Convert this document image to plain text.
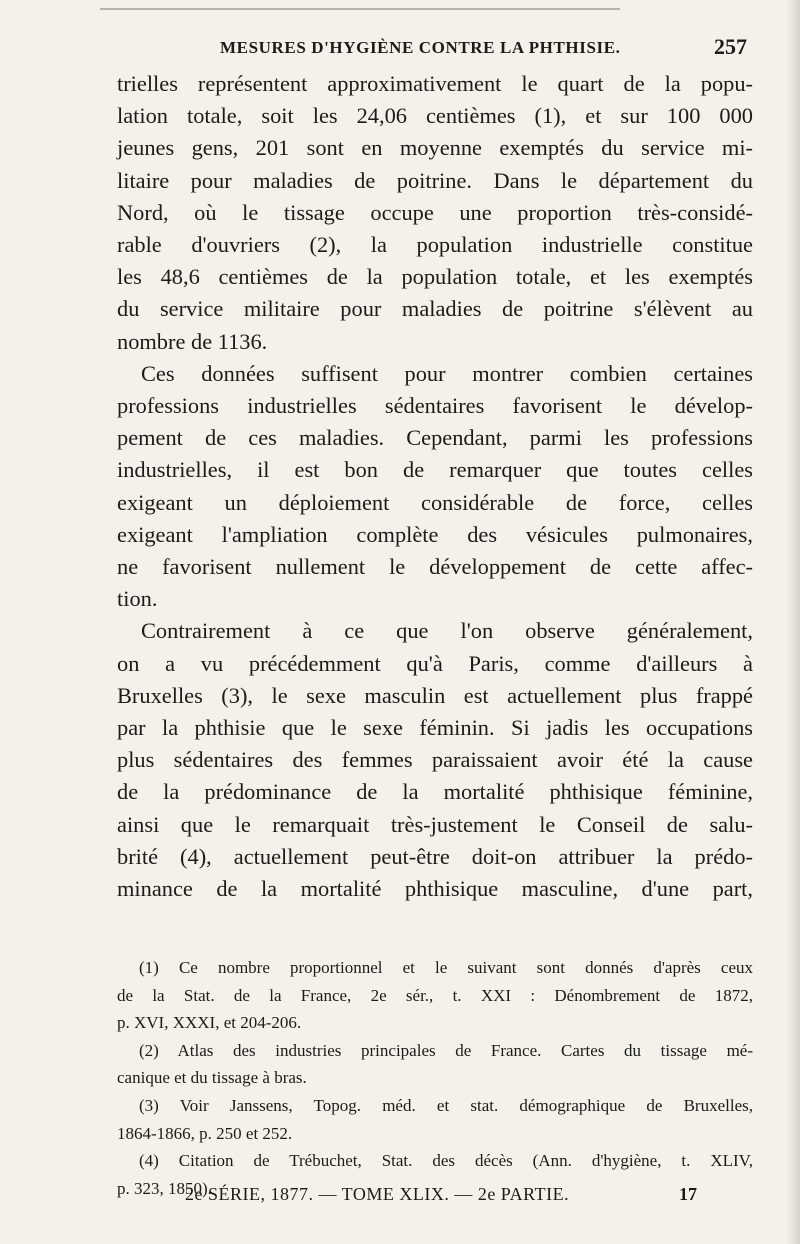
MESURES D'HYGIÈNE CONTRE LA PHTHISIE.	257
trielles représentent approximativement le quart de la popu-
lation totale, soit les 24,06 centièmes (1), et sur 100 000
jeunes gens, 201 sont en moyenne exemptés du service mi-
litaire pour maladies de poitrine. Dans le département du
Nord, où le tissage occupe une proportion très-considé-
rable d'ouvriers (2), la population industrielle constitue
les 48,6 centièmes de la population totale, et les exemptés
du service militaire pour maladies de poitrine s'élèvent au
nombre de 1136.
Ces données suffisent pour montrer combien certaines
professions industrielles sédentaires favorisent le dévelop-
pement de ces maladies. Cependant, parmi les professions
industrielles, il est bon de remarquer que toutes celles
exigeant un déploiement considérable de force, celles
exigeant l'ampliation complète des vésicules pulmonaires,
ne favorisent nullement le développement de cette affec-
tion.
Contrairement à ce que l'on observe généralement,
on a vu précédemment qu'à Paris, comme d'ailleurs à
Bruxelles (3), le sexe masculin est actuellement plus frappé
par la phthisie que le sexe féminin. Si jadis les occupations
plus sédentaires des femmes paraissaient avoir été la cause
de la prédominance de la mortalité phthisique féminine,
ainsi que le remarquait très-justement le Conseil de salu-
brité (4), actuellement peut-être doit-on attribuer la prédo-
minance de la mortalité phthisique masculine, d'une part,
(1) Ce nombre proportionnel et le suivant sont donnés d'après ceux
de la Stat. de la France, 2e sér., t. XXI : Dénombrement de 1872,
p. XVI, XXXI, et 204-206.
(2) Atlas des industries principales de France. Cartes du tissage mé-
canique et du tissage à bras.
(3) Voir Janssens, Topog. méd. et stat. démographique de Bruxelles,
1864-1866, p. 250 et 252.
(4) Citation de Trébuchet, Stat. des décès (Ann. d'hygiène, t. XLIV,
p. 323, 1850).
2e SÉRIE, 1877. — TOME XLIX. — 2e PARTIE.	17
